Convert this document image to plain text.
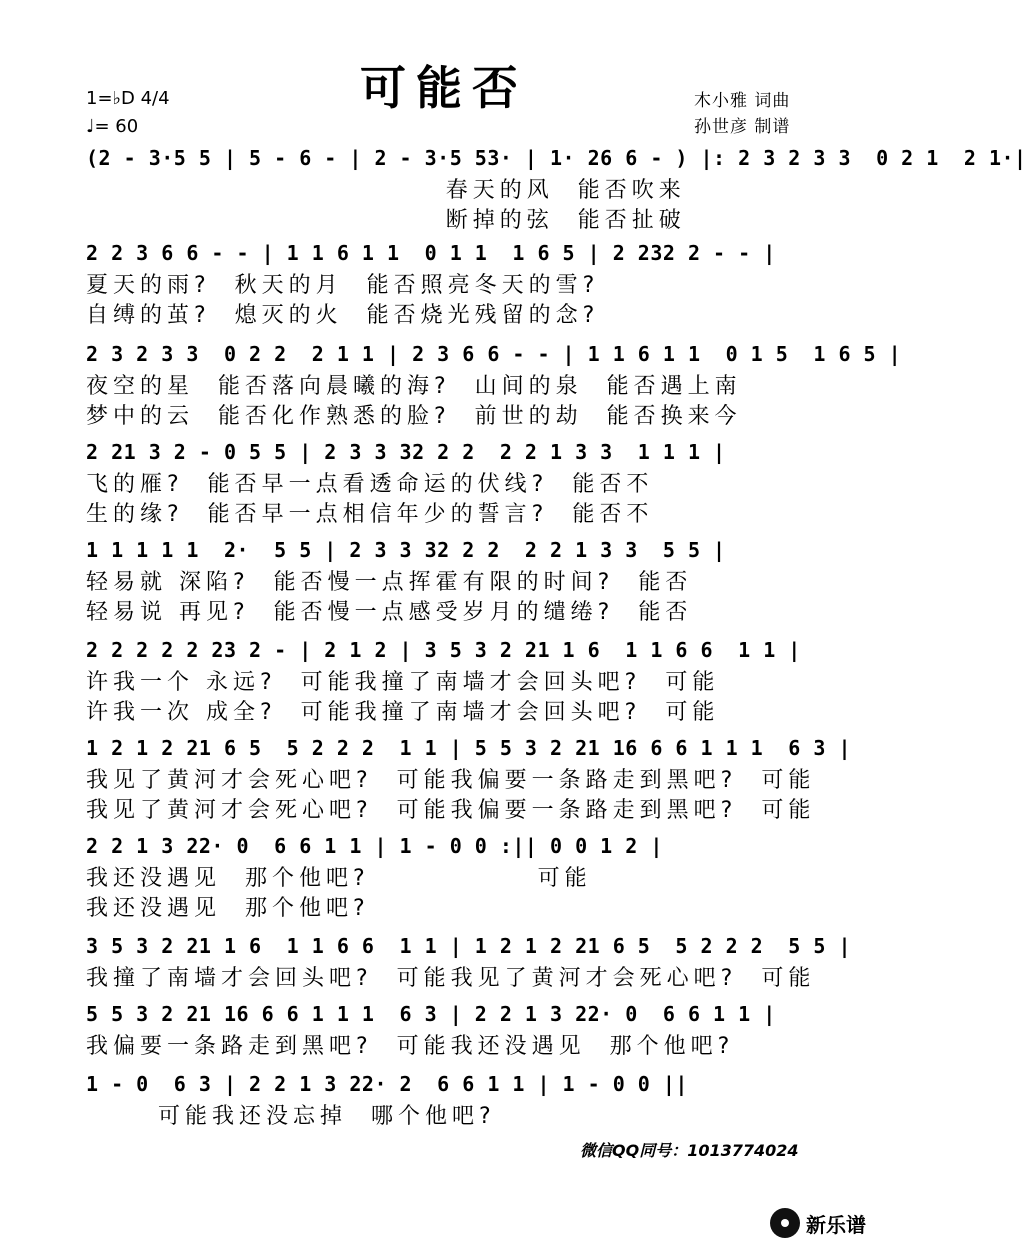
可能否
1=♭D 4/4
♩= 60
木小雅 词曲
孙世彦 制谱
(2 - 3·5 5 | 5 - 6 - | 2 - 3·5 53· | 1· 26 6 - ) |: 2 3 2 3 3  0 2 1  2 1·|
春天的风  能否吹来
断掉的弦  能否扯破
2 2 3 6 6 - - | 1 1 6 1 1  0 1 1  1 6 5 | 2 232 2 - - |
夏天的雨?  秋天的月  能否照亮冬天的雪?
自缚的茧?  熄灭的火  能否烧光残留的念?
2 3 2 3 3  0 2 2  2 1 1 | 2 3 6 6 - - | 1 1 6 1 1  0 1 5  1 6 5 |
夜空的星  能否落向晨曦的海?  山间的泉  能否遇上南
梦中的云  能否化作熟悉的脸?  前世的劫  能否换来今
2 21 3 2 - 0 5 5 | 2 3 3 32 2 2  2 2 1 3 3  1 1 1 |
飞的雁?  能否早一点看透命运的伏线?  能否不
生的缘?  能否早一点相信年少的誓言?  能否不
1 1 1 1 1  2·  5 5 | 2 3 3 32 2 2  2 2 1 3 3  5 5 |
轻易就 深陷?  能否慢一点挥霍有限的时间?  能否
轻易说 再见?  能否慢一点感受岁月的缱绻?  能否
2 2 2 2 2 23 2 - | 2 1 2 | 3 5 3 2 21 1 6  1 1 6 6  1 1 |
许我一个 永远?  可能我撞了南墙才会回头吧?  可能
许我一次 成全?  可能我撞了南墙才会回头吧?  可能
1 2 1 2 21 6 5  5 2 2 2  1 1 | 5 5 3 2 21 16 6 6 1 1 1  6 3 |
我见了黄河才会死心吧?  可能我偏要一条路走到黑吧?  可能
我见了黄河才会死心吧?  可能我偏要一条路走到黑吧?  可能
2 2 1 3 22· 0  6 6 1 1 | 1 - 0 0 :|| 0 0 1 2 |
我还没遇见  那个他吧?              可能
我还没遇见  那个他吧?
3 5 3 2 21 1 6  1 1 6 6  1 1 | 1 2 1 2 21 6 5  5 2 2 2  5 5 |
我撞了南墙才会回头吧?  可能我见了黄河才会死心吧?  可能
5 5 3 2 21 16 6 6 1 1 1  6 3 | 2 2 1 3 22· 0  6 6 1 1 |
我偏要一条路走到黑吧?  可能我还没遇见  那个他吧?
1 - 0  6 3 | 2 2 1 3 22· 2  6 6 1 1 | 1 - 0 0 ||
可能我还没忘掉  哪个他吧?
微信QQ同号：1013774024
新乐谱
